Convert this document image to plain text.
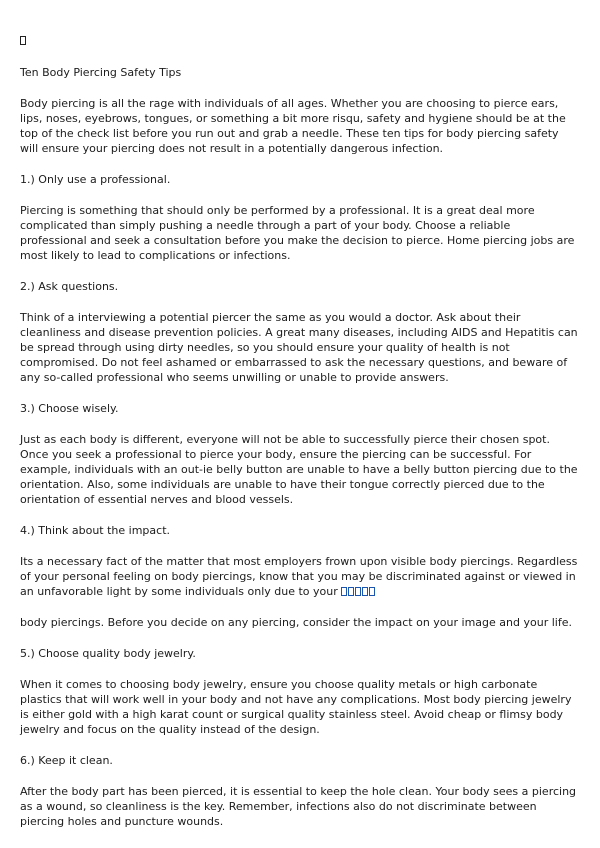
Ten Body Piercing Safety Tips

Body piercing is all the rage with individuals of all ages. Whether you are choosing to pierce ears, lips, noses, eyebrows, tongues, or something a bit more risqu, safety and hygiene should be at the top of the check list before you run out and grab a needle. These ten tips for body piercing safety will ensure your piercing does not result in a potentially dangerous infection.

1.) Only use a professional.

Piercing is something that should only be performed by a professional. It is a great deal more complicated than simply pushing a needle through a part of your body. Choose a reliable professional and seek a consultation before you make the decision to pierce. Home piercing jobs are most likely to lead to complications or infections.

2.) Ask questions.

Think of a interviewing a potential piercer the same as you would a doctor. Ask about their cleanliness and disease prevention policies. A great many diseases, including AIDS and Hepatitis can be spread through using dirty needles, so you should ensure your quality of health is not compromised. Do not feel ashamed or embarrassed to ask the necessary questions, and beware of any so-called professional who seems unwilling or unable to provide answers.

3.) Choose wisely.

Just as each body is different, everyone will not be able to successfully pierce their chosen spot. Once you seek a professional to pierce your body, ensure the piercing can be successful. For example, individuals with an out-ie belly button are unable to have a belly button piercing due to the orientation. Also, some individuals are unable to have their tongue correctly pierced due to the orientation of essential nerves and blood vessels.

4.) Think about the impact.

Its a necessary fact of the matter that most employers frown upon visible body piercings. Regardless of your personal feeling on body piercings, know that you may be discriminated against or viewed in an unfavorable light by some individuals only due to your

body piercings. Before you decide on any piercing, consider the impact on your image and your life.

5.) Choose quality body jewelry.

When it comes to choosing body jewelry, ensure you choose quality metals or high carbonate plastics that will work well in your body and not have any complications. Most body piercing jewelry is either gold with a high karat count or surgical quality stainless steel. Avoid cheap or flimsy body jewelry and focus on the quality instead of the design.

6.) Keep it clean.

After the body part has been pierced, it is essential to keep the hole clean. Your body sees a piercing as a wound, so cleanliness is the key. Remember, infections also do not discriminate between piercing holes and puncture wounds.
